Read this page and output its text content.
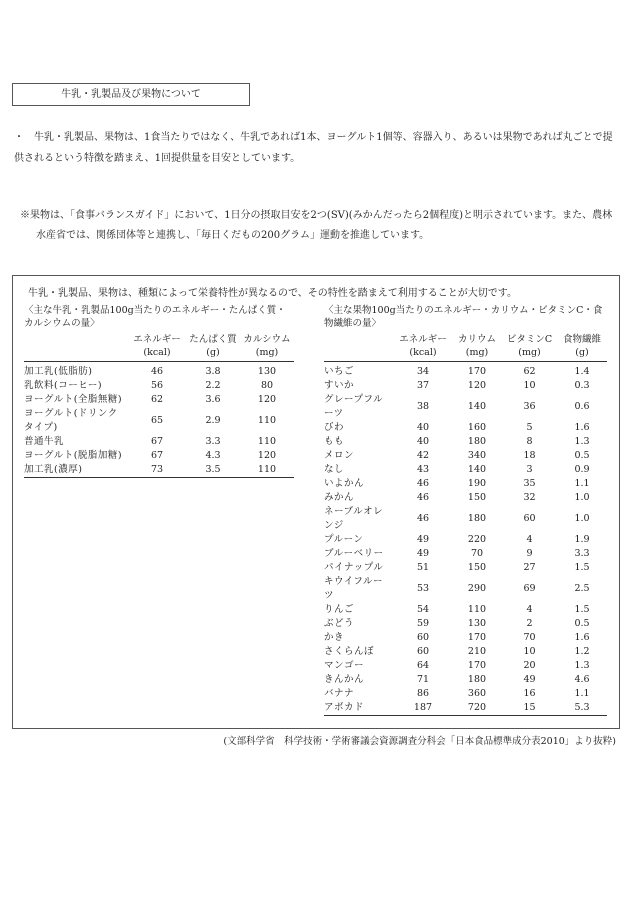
牛乳・乳製品及び果物について
・	牛乳・乳製品、果物は、1食当たりではなく、牛乳であれば1本、ヨーグルト1個等、容器入り、あるいは果物であれば丸ごとで提供されるという特徴を踏まえ、1回提供量を目安としています。

※果物は、「食事バランスガイド」において、1日分の摂取目安を2つ(SV)(みかんだったら2個程度)と明示されています。また、農林水産省では、関係団体等と連携し、「毎日くだもの200グラム」運動を推進しています。

牛乳・乳製品、果物は、種類によって栄養特性が異なるので、その特性を踏まえて利用することが大切です。
〈主な牛乳・乳製品100g当たりのエネルギー・たんぱく質・カルシウムの量〉
	エネルギー	たんぱく質	カルシウム
	(kcal)	(g)	(mg)
加工乳(低脂肪)	46	3.8	130
乳飲料(コーヒー)	56	2.2	80
ヨーグルト(全脂無糖)	62	3.6	120
ヨーグルト(ドリンクタイプ)	65	2.9	110
普通牛乳	67	3.3	110
ヨーグルト(脱脂加糖)	67	4.3	120
加工乳(濃厚)	73	3.5	110
〈主な果物100g当たりのエネルギー・カリウム・ビタミンC・食物繊維の量〉
	エネルギー	カリウム	ビタミンC	食物繊維
	(kcal)	(mg)	(mg)	(g)
いちご	34	170	62	1.4
すいか	37	120	10	0.3
グレープフルーツ	38	140	36	0.6
びわ	40	160	5	1.6
もも	40	180	8	1.3
メロン	42	340	18	0.5
なし	43	140	3	0.9
いよかん	46	190	35	1.1
みかん	46	150	32	1.0
ネーブルオレンジ	46	180	60	1.0
プルーン	49	220	4	1.9
ブルーベリー	49	70	9	3.3
パイナップル	51	150	27	1.5
キウイフルーツ	53	290	69	2.5
りんご	54	110	4	1.5
ぶどう	59	130	2	0.5
かき	60	170	70	1.6
さくらんぼ	60	210	10	1.2
マンゴー	64	170	20	1.3
きんかん	71	180	49	4.6
バナナ	86	360	16	1.1
アボカド	187	720	15	5.3
(文部科学省　科学技術・学術審議会資源調査分科会「日本食品標準成分表2010」より抜粋)
